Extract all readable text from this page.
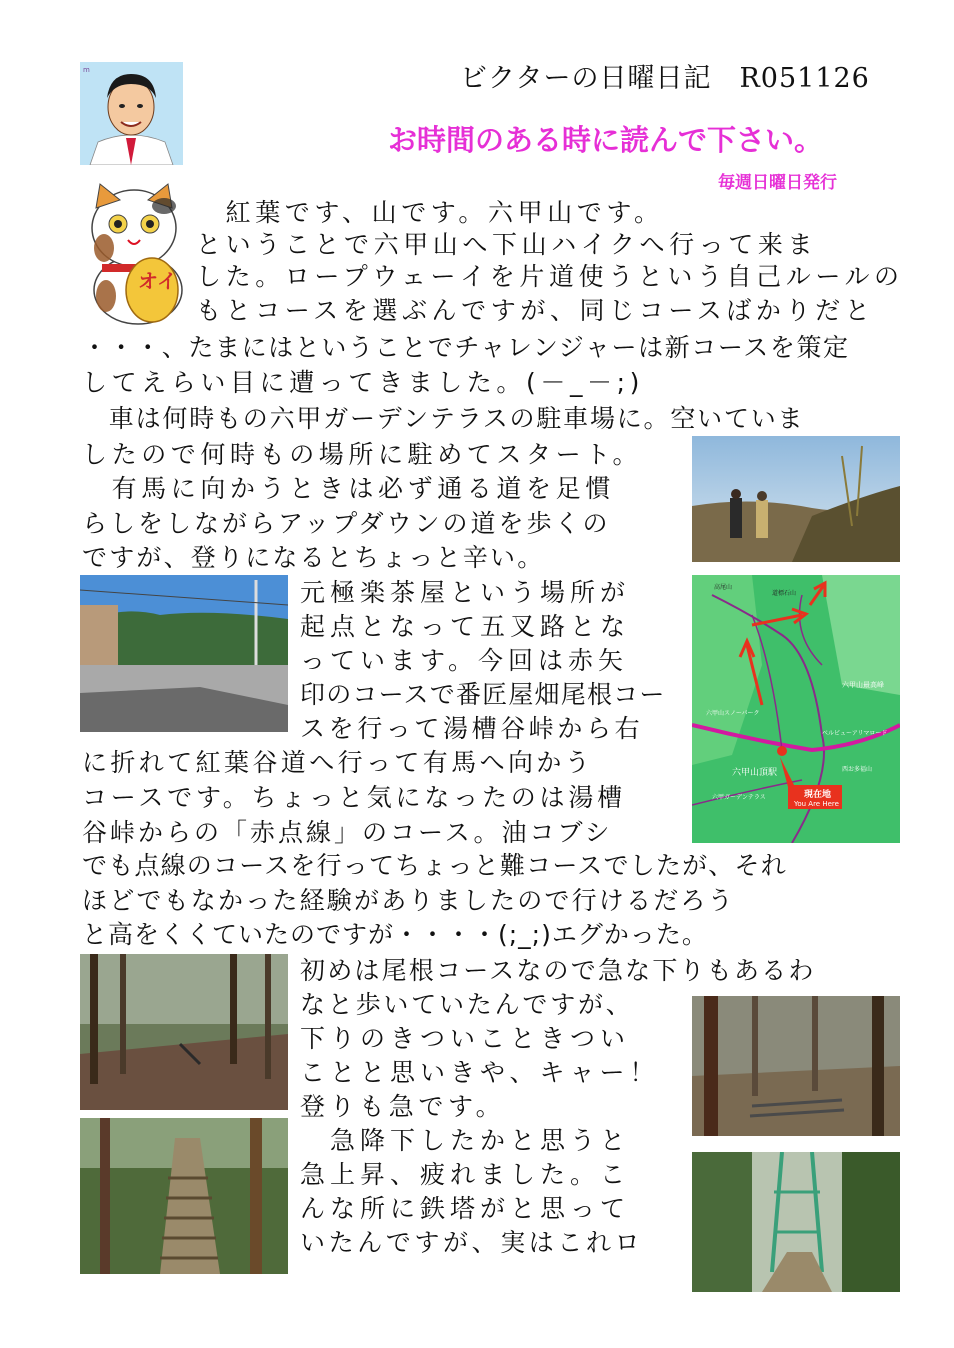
ビクターの日曜日記　R051126
お時間のある時に読んで下さい。
毎週日曜日発行
m
オイ
現在地
You Are Here
六甲山頂駅
六甲山スノーパーク
六甲山最高峰
六甲ガーデンテラス
ベルビューアリマロード
高尾山
道標石山
西お多福山
　紅葉です、山です。六甲山です。
ということで六甲山へ下山ハイクへ行って来ま
した。ロープウェーイを片道使うという自己ルールの
もとコースを選ぶんですが、同じコースばかりだと
・・・、たまにはということでチャレンジャーは新コースを策定
してえらい目に遭ってきました。(－_－;)
　車は何時もの六甲ガーデンテラスの駐車場に。空いていま
したので何時もの場所に駐めてスタート。
　有馬に向かうときは必ず通る道を足慣
らしをしながらアップダウンの道を歩くの
ですが、登りになるとちょっと辛い。
元極楽茶屋という場所が
起点となって五叉路とな
っています。今回は赤矢
印のコースで番匠屋畑尾根コー
スを行って湯槽谷峠から右
に折れて紅葉谷道へ行って有馬へ向かう
コースです。ちょっと気になったのは湯槽
谷峠からの「赤点線」のコース。油コブシ
でも点線のコースを行ってちょっと難コースでしたが、それ
ほどでもなかった経験がありましたので行けるだろう
と高をくくていたのですが・・・・(;_;)エグかった。
初めは尾根コースなので急な下りもあるわ
なと歩いていたんですが、
下りのきついこときつい
ことと思いきや、キャー！
登りも急です。
　急降下したかと思うと
急上昇、疲れました。こ
んな所に鉄塔がと思って
いたんですが、実はこれロ
